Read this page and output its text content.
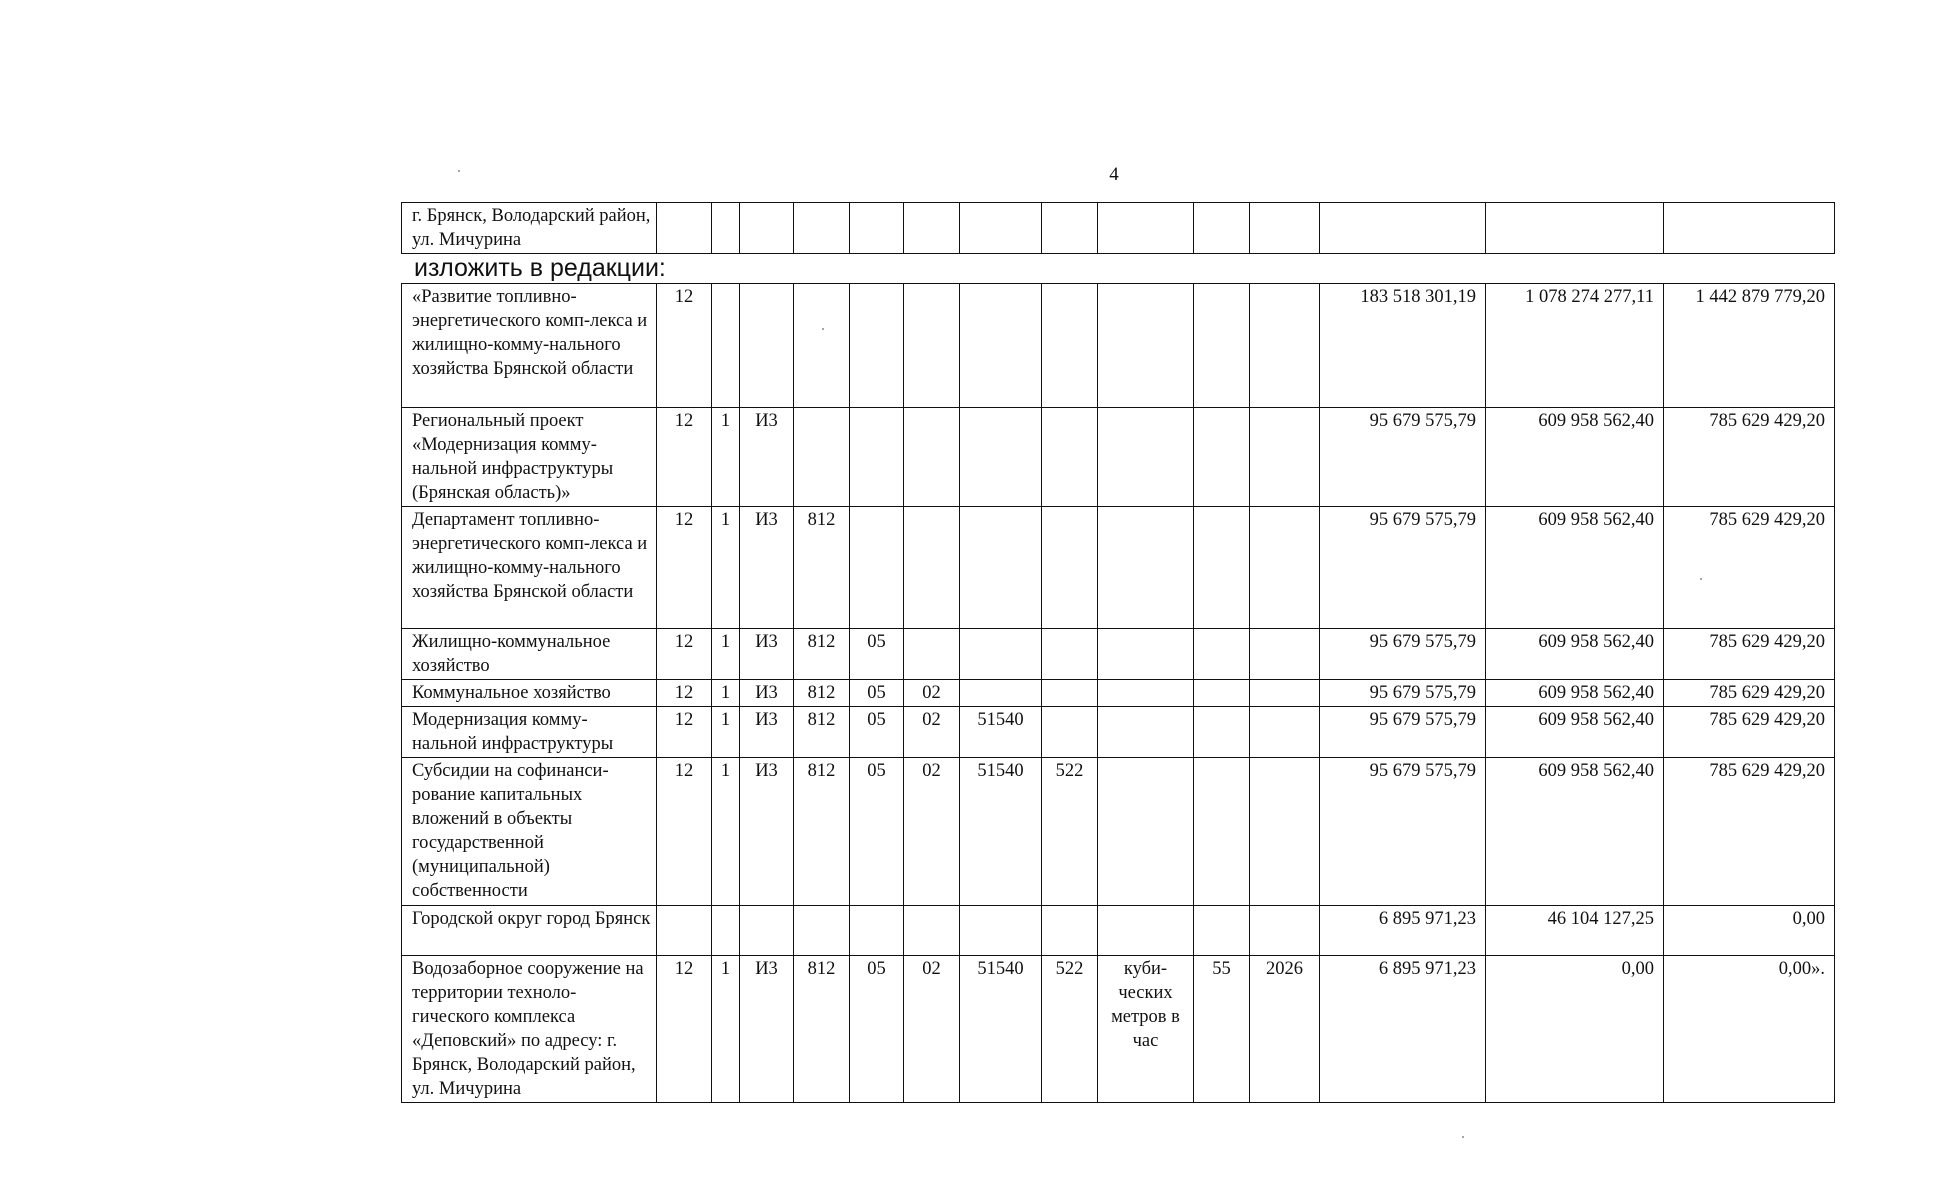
4
г. Брянск, Володарский район, ул. Мичурина														
изложить в редакции:
«Развитие топливно-энергетического комп-лекса и жилищно-комму-нального хозяйства Брянской области	12											183 518 301,19	1 078 274 277,11	1 442 879 779,20
Региональный проект «Модернизация комму-нальной инфраструктуры (Брянская область)»	12	1	И3									95 679 575,79	609 958 562,40	785 629 429,20
Департамент топливно-энергетического комп-лекса и жилищно-комму-нального хозяйства Брянской области	12	1	И3	812								95 679 575,79	609 958 562,40	785 629 429,20
Жилищно-коммунальное хозяйство	12	1	И3	812	05							95 679 575,79	609 958 562,40	785 629 429,20
Коммунальное хозяйство	12	1	И3	812	05	02						95 679 575,79	609 958 562,40	785 629 429,20
Модернизация комму-нальной инфраструктуры	12	1	И3	812	05	02	51540					95 679 575,79	609 958 562,40	785 629 429,20
Субсидии на софинанси-рование капитальных вложений в объекты государственной (муниципальной) собственности	12	1	И3	812	05	02	51540	522				95 679 575,79	609 958 562,40	785 629 429,20
Городской округ город Брянск												6 895 971,23	46 104 127,25	0,00
Водозаборное сооружение на территории техноло-гического комплекса «Деповский» по адресу: г. Брянск, Володарский район, ул. Мичурина	12	1	И3	812	05	02	51540	522	куби-ческих метров в час	55	2026	6 895 971,23	0,00	0,00».
